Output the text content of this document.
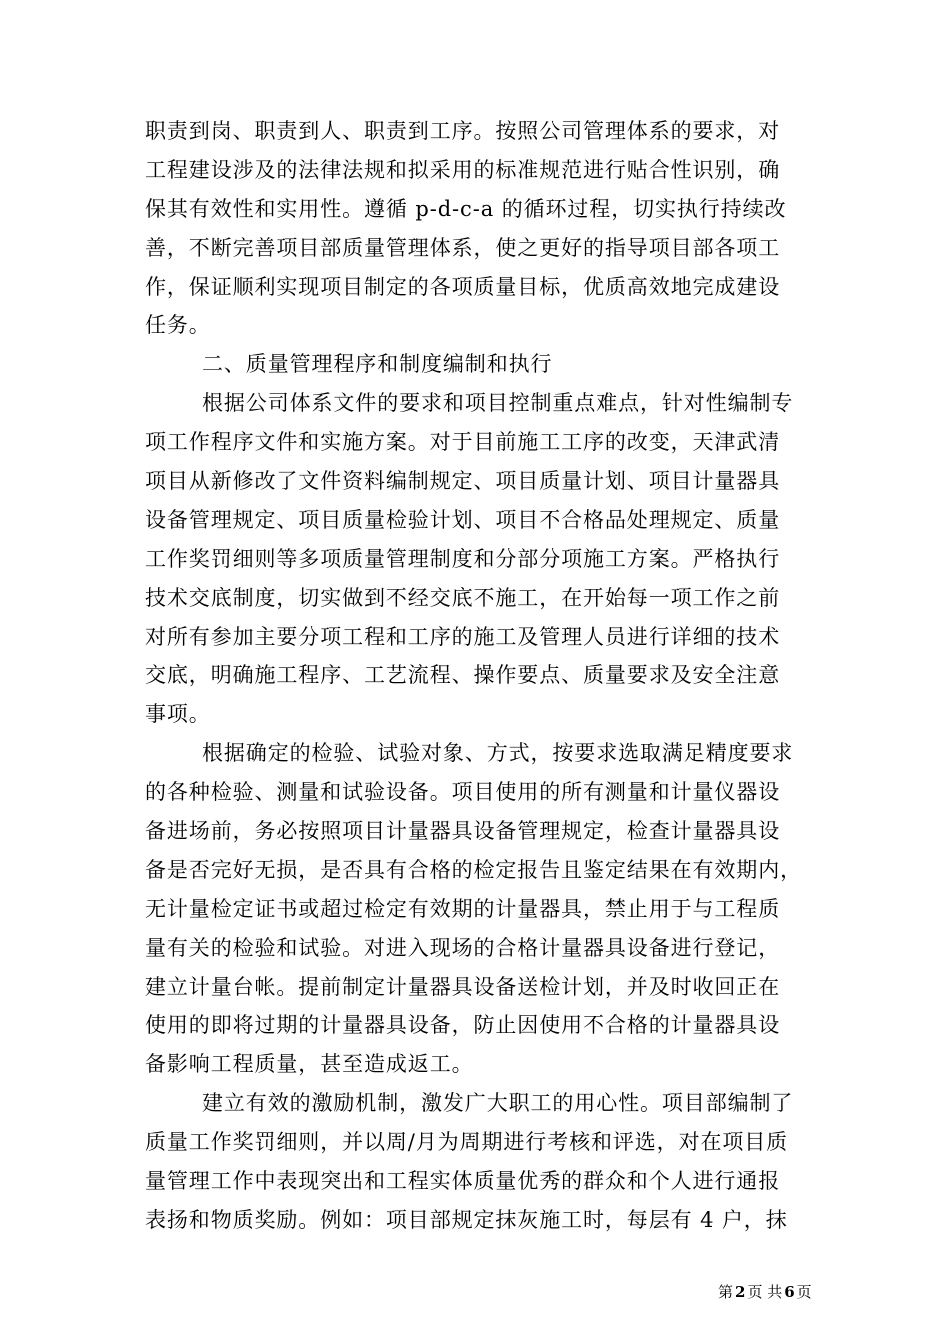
职责到岗、职责到人、职责到工序。按照公司管理体系的要求，对
工程建设涉及的法律法规和拟采用的标准规范进行贴合性识别，确
保其有效性和实用性。遵循 p-d-c-a 的循环过程，切实执行持续改
善，不断完善项目部质量管理体系，使之更好的指导项目部各项工
作，保证顺利实现项目制定的各项质量目标，优质高效地完成建设
任务。
二、质量管理程序和制度编制和执行
根据公司体系文件的要求和项目控制重点难点，针对性编制专
项工作程序文件和实施方案。对于目前施工工序的改变，天津武清
项目从新修改了文件资料编制规定、项目质量计划、项目计量器具
设备管理规定、项目质量检验计划、项目不合格品处理规定、质量
工作奖罚细则等多项质量管理制度和分部分项施工方案。严格执行
技术交底制度，切实做到不经交底不施工，在开始每一项工作之前
对所有参加主要分项工程和工序的施工及管理人员进行详细的技术
交底，明确施工程序、工艺流程、操作要点、质量要求及安全注意
事项。
根据确定的检验、试验对象、方式，按要求选取满足精度要求
的各种检验、测量和试验设备。项目使用的所有测量和计量仪器设
备进场前，务必按照项目计量器具设备管理规定，检查计量器具设
备是否完好无损，是否具有合格的检定报告且鉴定结果在有效期内，
无计量检定证书或超过检定有效期的计量器具，禁止用于与工程质
量有关的检验和试验。对进入现场的合格计量器具设备进行登记，
建立计量台帐。提前制定计量器具设备送检计划，并及时收回正在
使用的即将过期的计量器具设备，防止因使用不合格的计量器具设
备影响工程质量，甚至造成返工。
建立有效的激励机制，激发广大职工的用心性。项目部编制了
质量工作奖罚细则，并以周/月为周期进行考核和评选，对在项目质
量管理工作中表现突出和工程实体质量优秀的群众和个人进行通报
表扬和物质奖励。例如：项目部规定抹灰施工时，每层有 4 户，抹
第 2 页 共 6 页
